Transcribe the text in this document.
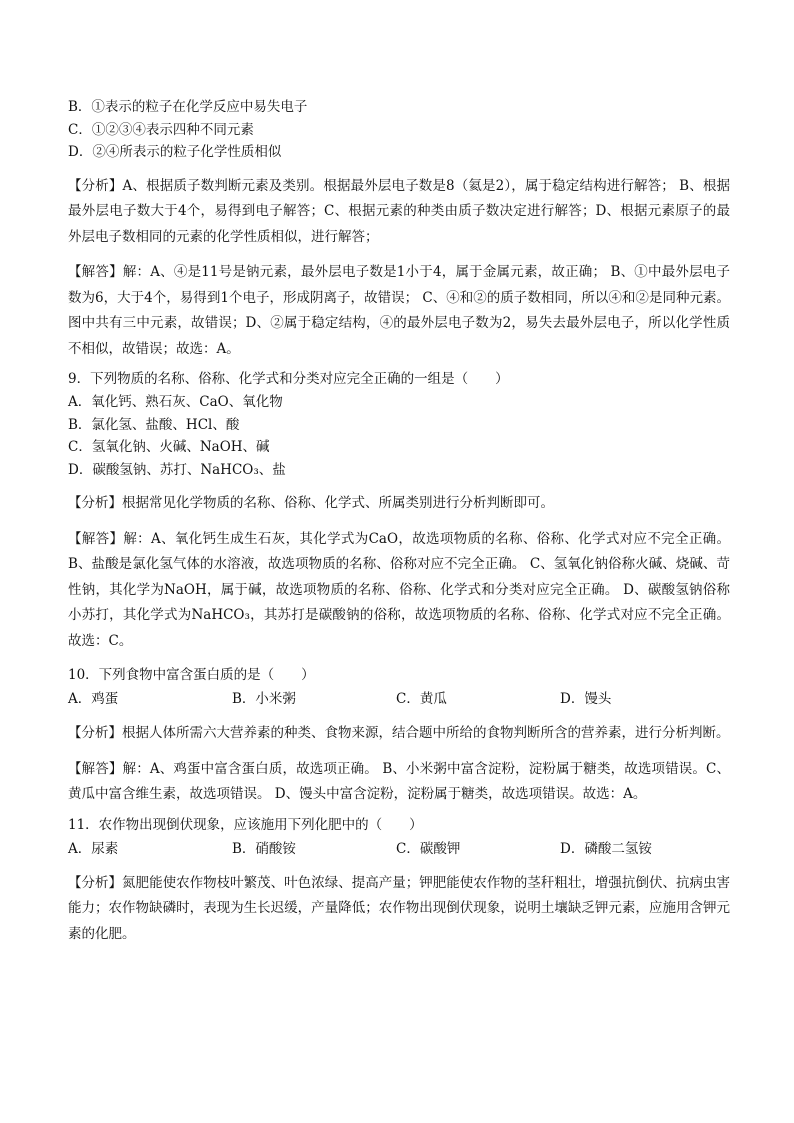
B．①表示的粒子在化学反应中易失电子
C．①②③④表示四种不同元素
D．②④所表示的粒子化学性质相似
【分析】A、根据质子数判断元素及类别。根据最外层电子数是8（氦是2），属于稳定结构进行解答； B、根据最外层电子数大于4个，易得到电子解答；C、根据元素的种类由质子数决定进行解答；D、根据元素原子的最外层电子数相同的元素的化学性质相似，进行解答；
【解答】解：A、④是11号是钠元素，最外层电子数是1小于4，属于金属元素，故正确； B、①中最外层电子数为6，大于4个，易得到1个电子，形成阴离子，故错误； C、④和②的质子数相同，所以④和②是同种元素。图中共有三中元素，故错误；D、②属于稳定结构，④的最外层电子数为2，易失去最外层电子，所以化学性质不相似，故错误；故选：A。
9．下列物质的名称、俗称、化学式和分类对应完全正确的一组是（　　）
A．氧化钙、熟石灰、CaO、氧化物
B．氯化氢、盐酸、HCl、酸
C．氢氧化钠、火碱、NaOH、碱
D．碳酸氢钠、苏打、NaHCO₃、盐
【分析】根据常见化学物质的名称、俗称、化学式、所属类别进行分析判断即可。
【解答】解：A、氧化钙生成生石灰，其化学式为CaO，故选项物质的名称、俗称、化学式对应不完全正确。B、盐酸是氯化氢气体的水溶液，故选项物质的名称、俗称对应不完全正确。 C、氢氧化钠俗称火碱、烧碱、苛性钠，其化学为NaOH，属于碱，故选项物质的名称、俗称、化学式和分类对应完全正确。 D、碳酸氢钠俗称小苏打，其化学式为NaHCO₃，其苏打是碳酸钠的俗称，故选项物质的名称、俗称、化学式对应不完全正确。故选：C。
10．下列食物中富含蛋白质的是（　　）
A．鸡蛋	B．小米粥	C．黄瓜	D．馒头
【分析】根据人体所需六大营养素的种类、食物来源，结合题中所给的食物判断所含的营养素，进行分析判断。
【解答】解：A、鸡蛋中富含蛋白质，故选项正确。 B、小米粥中富含淀粉，淀粉属于糖类，故选项错误。C、黄瓜中富含维生素，故选项错误。 D、馒头中富含淀粉，淀粉属于糖类，故选项错误。故选：A。
11．农作物出现倒伏现象，应该施用下列化肥中的（　　）
A．尿素	B．硝酸铵	C．碳酸钾	D．磷酸二氢铵
【分析】氮肥能使农作物枝叶繁茂、叶色浓绿、提高产量；钾肥能使农作物的茎秆粗壮，增强抗倒伏、抗病虫害能力；农作物缺磷时，表现为生长迟缓，产量降低；农作物出现倒伏现象，说明土壤缺乏钾元素，应施用含钾元素的化肥。
